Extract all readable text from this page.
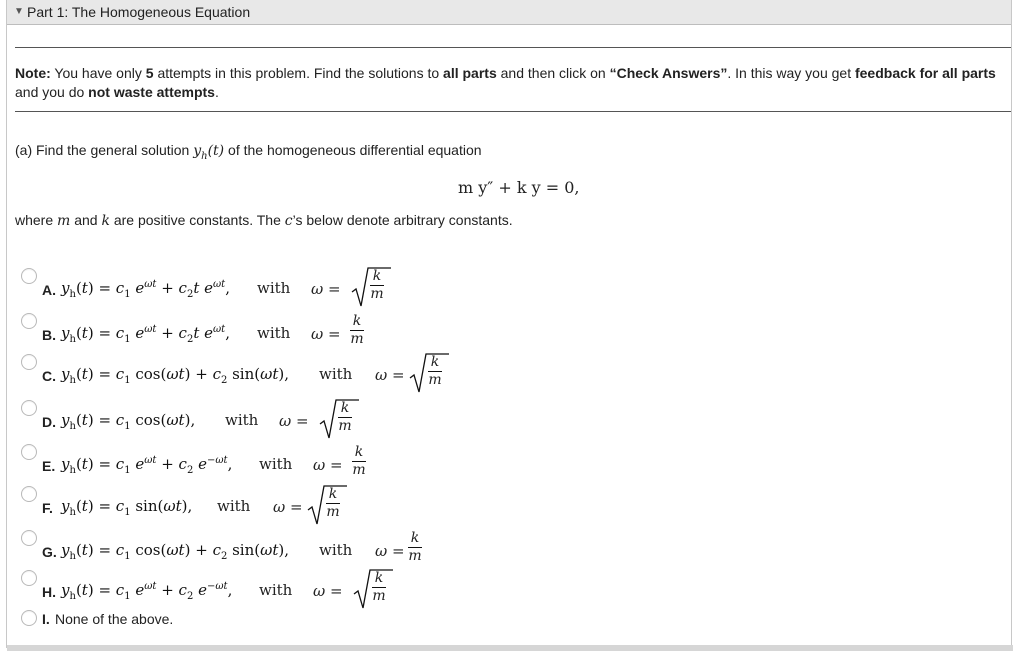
▼ Part 1: The Homogeneous Equation
Note: You have only 5 attempts in this problem. Find the solutions to all parts and then click on “Check Answers”. In this way you get feedback for all parts and you do not waste attempts.
(a) Find the general solution $y_h(t)$ of the homogeneous differential equation
m y″ + k y = 0,
where m and k are positive constants. The c’s below denote arbitrary constants.
A. $y_h(t) = c_1$ $e^{\omega t} + c_2t$ $e^{\omega t}$, with ω =
k
m
B. $y_h(t) = c_1$ $e^{\omega t} + c_2t$ $e^{\omega t}$, with ω =
k
m
C. $y_h(t) = c_1$ $\cos(\omega t) + c_2$ sin(ωt), with ω =
k
m
D. $y_h(t) = c_1$ cos(ωt), with ω =
k
m
E. $y_h(t) = c_1$ $e^{\omega t} + c_2$ $e^{-\omega t}$, with ω =
k
m
F. $y_h(t) = c_1$ sin(ωt), with ω =
k
m
G. $y_h(t) = c_1$ $\cos(\omega t) + c_2$ sin(ωt), with ω =
k
m
H. $y_h(t) = c_1$ $e^{\omega t} + c_2$ $e^{-\omega t}$, with ω =
k
m
I. None of the above.
